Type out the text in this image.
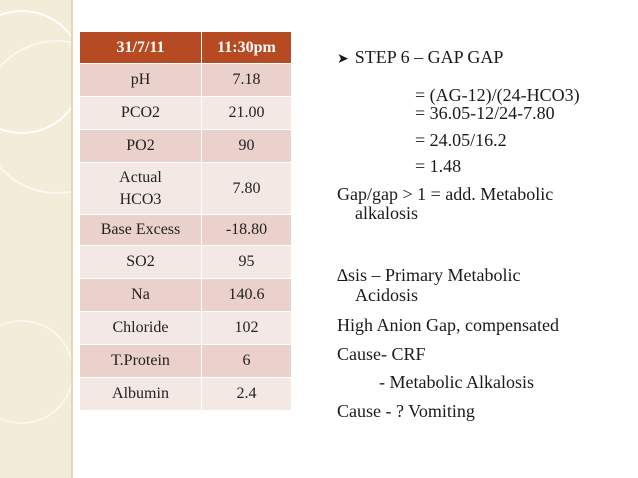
31/7/11	11:30pm
pH	7.18
PCO2	21.00
PO2	90
Actual HCO3	7.80
Base Excess	-18.80
SO2	95
Na	140.6
Chloride	102
T.Protein	6
Albumin	2.4
➤ STEP 6 – GAP GAP
= (AG-12)/(24-HCO3)
= 36.05-12/24-7.80
= 24.05/16.2
= 1.48
Gap/gap > 1 = add. Metabolic
alkalosis
∆sis – Primary Metabolic
Acidosis
High Anion Gap, compensated
Cause- CRF
- Metabolic Alkalosis
Cause - ? Vomiting
